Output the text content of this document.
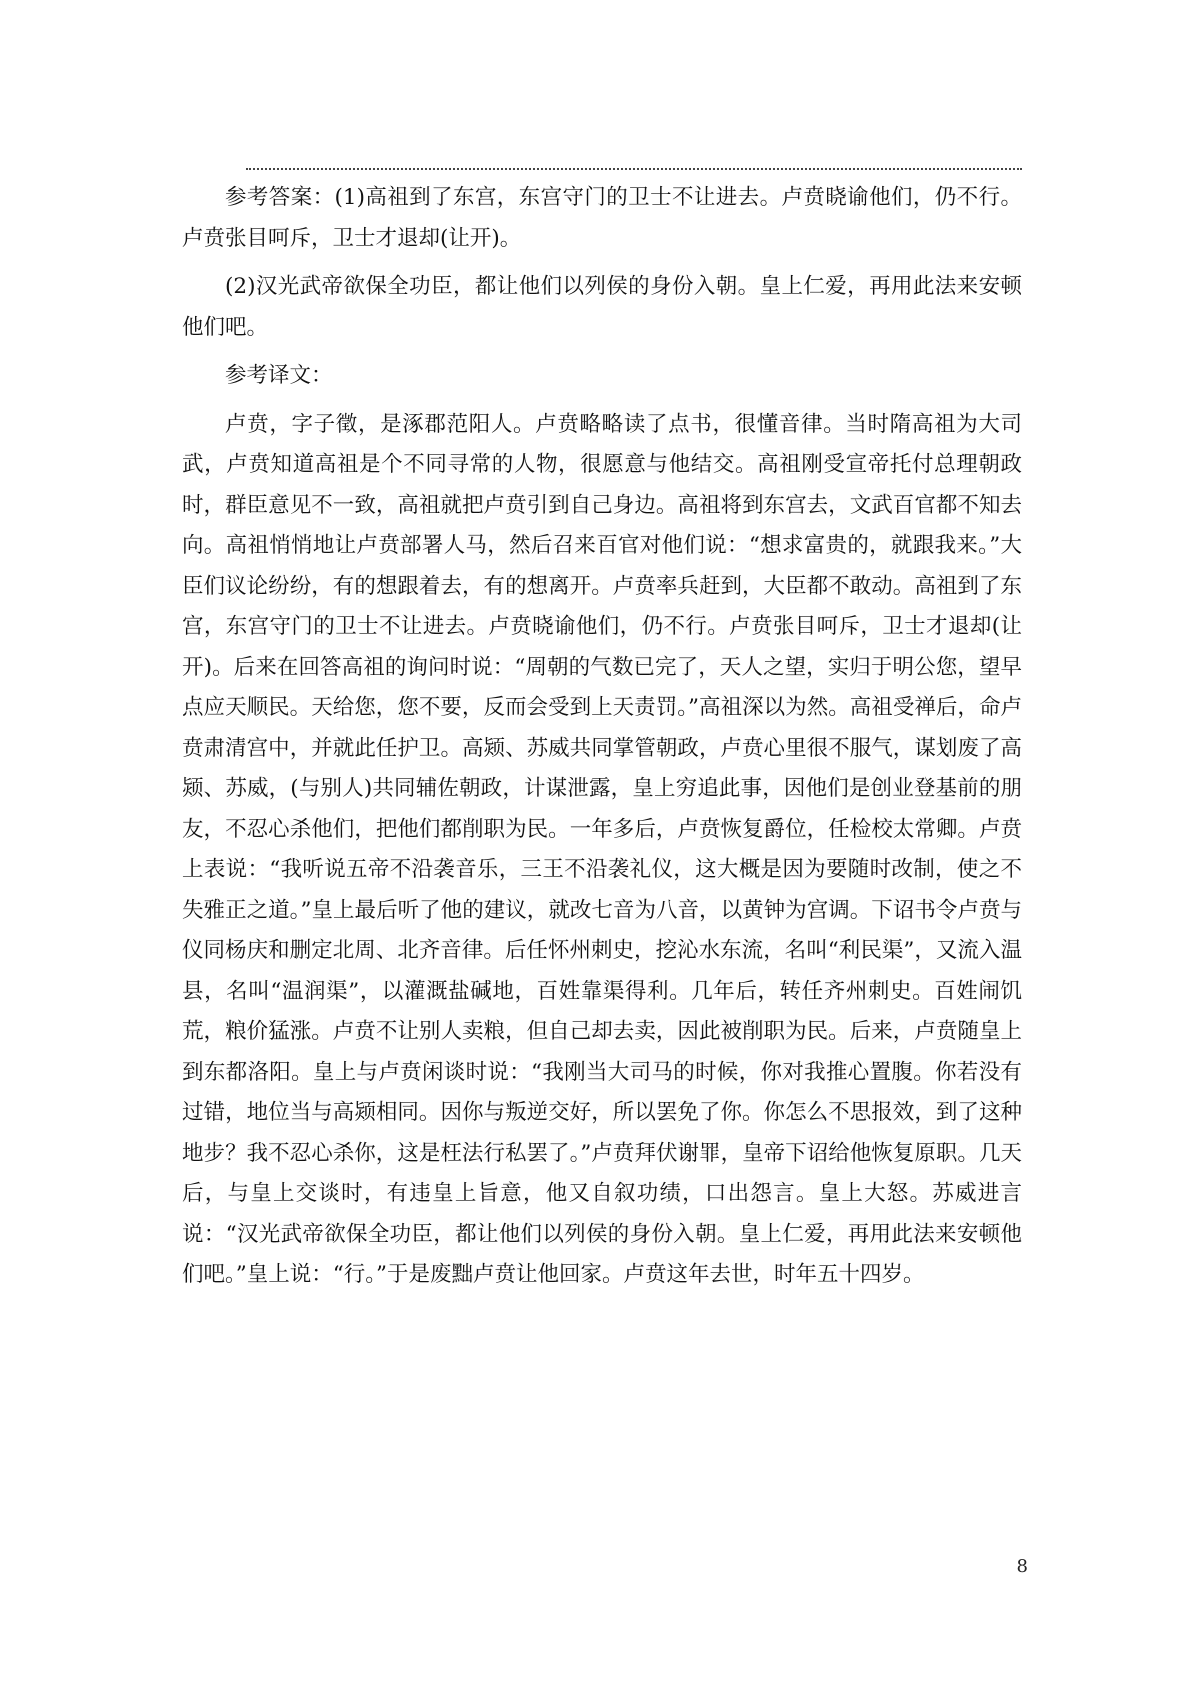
参考答案：(1)高祖到了东宫，东宫守门的卫士不让进去。卢贲晓谕他们，仍不行。卢贲张目呵斥，卫士才退却(让开)。

(2)汉光武帝欲保全功臣，都让他们以列侯的身份入朝。皇上仁爱，再用此法来安顿他们吧。

参考译文：

卢贲，字子徵，是涿郡范阳人。卢贲略略读了点书，很懂音律。当时隋高祖为大司武，卢贲知道高祖是个不同寻常的人物，很愿意与他结交。高祖刚受宣帝托付总理朝政时，群臣意见不一致，高祖就把卢贲引到自己身边。高祖将到东宫去，文武百官都不知去向。高祖悄悄地让卢贲部署人马，然后召来百官对他们说：“想求富贵的，就跟我来。”大臣们议论纷纷，有的想跟着去，有的想离开。卢贲率兵赶到，大臣都不敢动。高祖到了东宫，东宫守门的卫士不让进去。卢贲晓谕他们，仍不行。卢贲张目呵斥，卫士才退却(让开)。后来在回答高祖的询问时说：“周朝的气数已完了，天人之望，实归于明公您，望早点应天顺民。天给您，您不要，反而会受到上天责罚。”高祖深以为然。高祖受禅后，命卢贲肃清宫中，并就此任护卫。高颎、苏威共同掌管朝政，卢贲心里很不服气，谋划废了高颎、苏威，(与别人)共同辅佐朝政，计谋泄露，皇上穷追此事，因他们是创业登基前的朋友，不忍心杀他们，把他们都削职为民。一年多后，卢贲恢复爵位，任检校太常卿。卢贲上表说：“我听说五帝不沿袭音乐，三王不沿袭礼仪，这大概是因为要随时改制，使之不失雅正之道。”皇上最后听了他的建议，就改七音为八音，以黄钟为宫调。下诏书令卢贲与仪同杨庆和删定北周、北齐音律。后任怀州刺史，挖沁水东流，名叫“利民渠”，又流入温县，名叫“温润渠”，以灌溉盐碱地，百姓靠渠得利。几年后，转任齐州刺史。百姓闹饥荒，粮价猛涨。卢贲不让别人卖粮，但自己却去卖，因此被削职为民。后来，卢贲随皇上到东都洛阳。皇上与卢贲闲谈时说：“我刚当大司马的时候，你对我推心置腹。你若没有过错，地位当与高颎相同。因你与叛逆交好，所以罢免了你。你怎么不思报效，到了这种地步？我不忍心杀你，这是枉法行私罢了。”卢贲拜伏谢罪，皇帝下诏给他恢复原职。几天后，与皇上交谈时，有违皇上旨意，他又自叙功绩，口出怨言。皇上大怒。苏威进言说：“汉光武帝欲保全功臣，都让他们以列侯的身份入朝。皇上仁爱，再用此法来安顿他们吧。”皇上说：“行。”于是废黜卢贲让他回家。卢贲这年去世，时年五十四岁。

8
